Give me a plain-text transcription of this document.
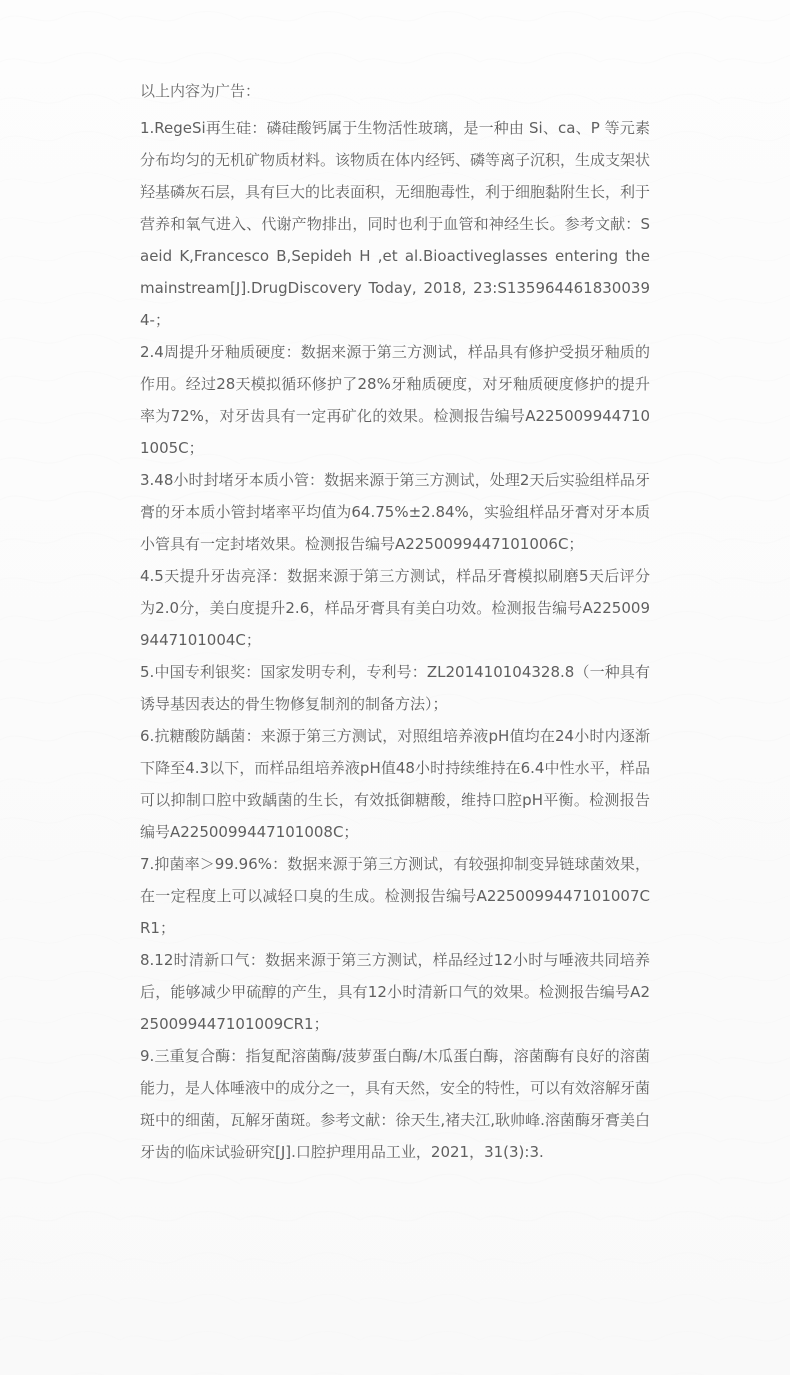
以上内容为广告：

1.RegeSi再生硅：磷硅酸钙属于生物活性玻璃，是一种由 Si、ca、P 等元素分布均匀的无机矿物质材料。该物质在体内经钙、磷等离子沉积，生成支架状羟基磷灰石层，具有巨大的比表面积，无细胞毒性，利于细胞黏附生长，利于营养和氧气进入、代谢产物排出，同时也利于血管和神经生长。参考文献：Saeid K,Francesco B,Sepideh H ,et al.Bioactiveglasses entering the mainstream[J].DrugDiscovery Today, 2018, 23:S1359644618300394-；

2.4周提升牙釉质硬度：数据来源于第三方测试，样品具有修护受损牙釉质的作用。经过28天模拟循环修护了28%牙釉质硬度，对牙釉质硬度修护的提升率为72%，对牙齿具有一定再矿化的效果。检测报告编号A2250099447101005C；

3.48小时封堵牙本质小管：数据来源于第三方测试，处理2天后实验组样品牙膏的牙本质小管封堵率平均值为64.75%±2.84%，实验组样品牙膏对牙本质小管具有一定封堵效果。检测报告编号A2250099447101006C；

4.5天提升牙齿亮泽：数据来源于第三方测试，样品牙膏模拟刷磨5天后评分为2.0分，美白度提升2.6，样品牙膏具有美白功效。检测报告编号A2250099447101004C；

5.中国专利银奖：国家发明专利，专利号：ZL201410104328.8（一种具有诱导基因表达的骨生物修复制剂的制备方法）；

6.抗糖酸防龋菌：来源于第三方测试，对照组培养液pH值均在24小时内逐渐下降至4.3以下，而样品组培养液pH值48小时持续维持在6.4中性水平，样品可以抑制口腔中致龋菌的生长，有效抵御糖酸，维持口腔pH平衡。检测报告编号A2250099447101008C；

7.抑菌率＞99.96%：数据来源于第三方测试，有较强抑制变异链球菌效果，在一定程度上可以减轻口臭的生成。检测报告编号A2250099447101007CR1；

8.12时清新口气：数据来源于第三方测试，样品经过12小时与唾液共同培养后，能够减少甲硫醇的产生，具有12小时清新口气的效果。检测报告编号A2250099447101009CR1；

9.三重复合酶：指复配溶菌酶/菠萝蛋白酶/木瓜蛋白酶，溶菌酶有良好的溶菌能力，是人体唾液中的成分之一，具有天然，安全的特性，可以有效溶解牙菌斑中的细菌，瓦解牙菌斑。参考文献：徐天生,褚夫江,耿帅峰.溶菌酶牙膏美白牙齿的临床试验研究[J].口腔护理用品工业，2021，31(3):3.
